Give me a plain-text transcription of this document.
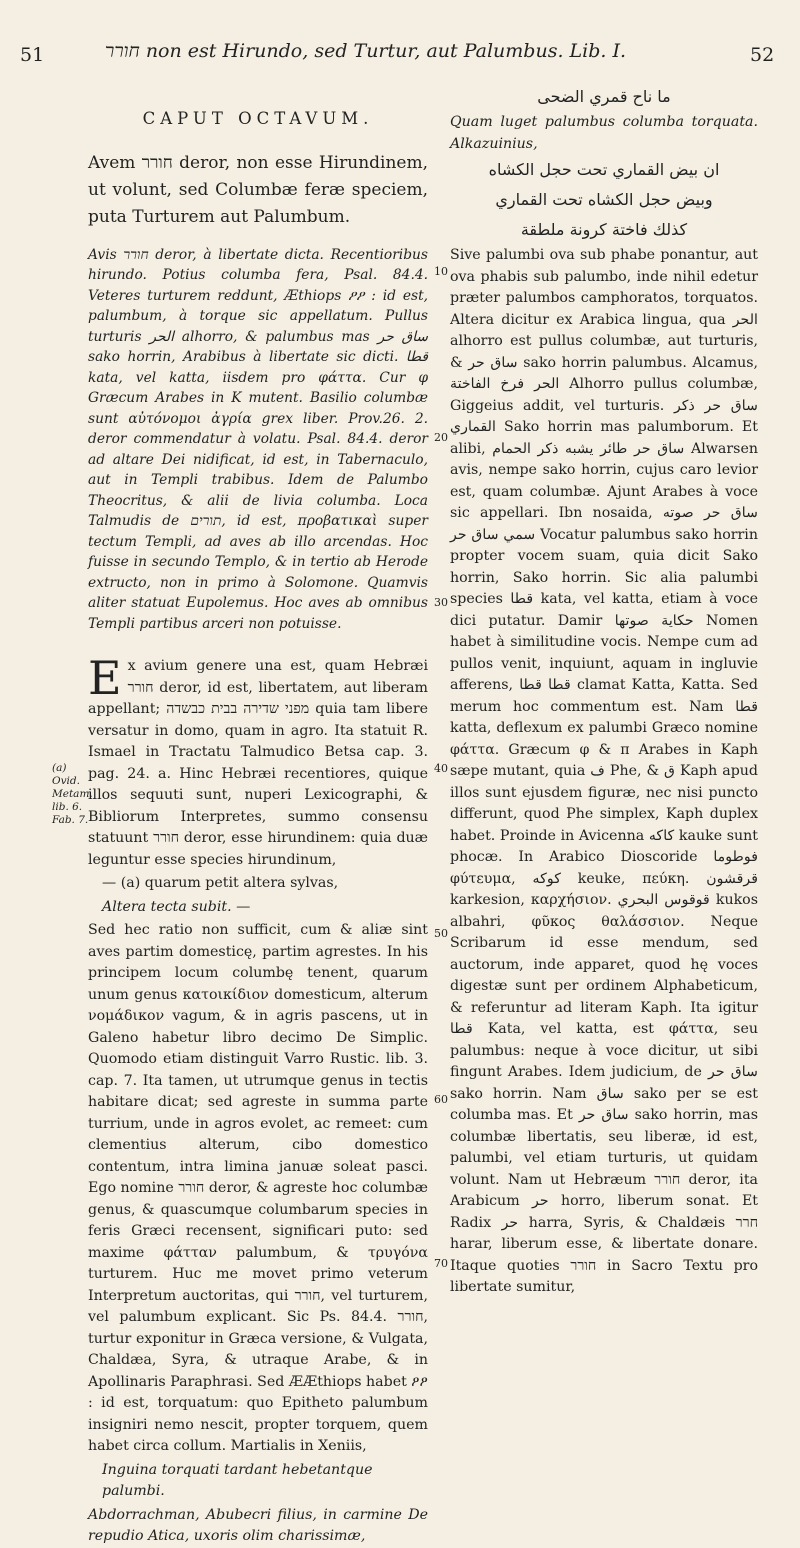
51	חורר non est Hirundo, sed Turtur, aut Palumbus. Lib. I.	52
(a) Ovid. Metam. lib. 6. Fab. 7.
CAPUT OCTAVUM.

Avem חורר deror, non esse Hirundinem, ut volunt, sed Columbæ feræ speciem, puta Turturem aut Palumbum.

Avis חורר deror, à libertate dicta. Recentioribus hirundo. Potius columba fera, Psal. 84.4. Veteres turturem reddunt, Æthiops ዖዖ : id est, palumbum, à torque sic appellatum. Pullus turturis الحر alhorro, & palumbus mas ساق حر sako horrin, Arabibus à libertate sic dicti. قطا kata, vel katta, iisdem pro φάττα. Cur φ Græcum Arabes in K mutent. Basilio columbæ sunt αὐτόνομοι ἀγρία grex liber. Prov.26. 2. deror commendatur à volatu. Psal. 84.4. deror ad altare Dei nidificat, id est, in Tabernaculo, aut in Templi trabibus. Idem de Palumbo Theocritus, & alii de livia columba. Loca Talmudis de תורים, id est, προβατικαὶ super tectum Templi, ad aves ab illo arcendas. Hoc fuisse in secundo Templo, & in tertio ab Herode extructo, non in primo à Solomone. Quamvis aliter statuat Eupolemus. Hoc aves ab omnibus Templi partibus arceri non potuisse.

Ex avium genere una est, quam Hebræi חורר deror, id est, libertatem, aut liberam appellant; מפני שדירה בבית כבשדה quia tam libere versatur in domo, quam in agro. Ita statuit R. Ismael in Tractatu Talmudico Betsa cap. 3. pag. 24. a. Hinc Hebræi recentiores, quique illos sequuti sunt, nuperi Lexicographi, & Bibliorum Interpretes, summo consensu statuunt חורר deror, esse hirundinem: quia duæ leguntur esse species hirundinum,

— (a) quarum petit altera sylvas,

Altera tecta subit. —

Sed hec ratio non sufficit, cum & aliæ sint aves partim domesticę, partim agrestes. In his principem locum columbę tenent, quarum unum genus κατοικίδιον domesticum, alterum νομάδικον vagum, & in agris pascens, ut in Galeno habetur libro decimo De Simplic. Quomodo etiam distinguit Varro Rustic. lib. 3. cap. 7. Ita tamen, ut utrumque genus in tectis habitare dicat; sed agreste in summa parte turrium, unde in agros evolet, ac remeet: cum clementius alterum, cibo domestico contentum, intra limina januæ soleat pasci. Ego nomine חורר deror, & agreste hoc columbæ genus, & quascumque columbarum species in feris Græci recensent, significari puto: sed maxime φάτταν palumbum, & τρυγόνα turturem. Huc me movet primo veterum Interpretum auctoritas, qui חורר, vel turturem, vel palumbum explicant. Sic Ps. 84.4. חורר, turtur exponitur in Græca versione, & Vulgata, Chaldæa, Syra, & utraque Arabe, & in Apollinaris Paraphrasi. Sed ÆÆthiops habet ዖዖ : id est, torquatum: quo Epitheto palumbum insigniri nemo nescit, propter torquem, quem habet circa collum. Martialis in Xeniis,

Inguina torquati tardant hebetantque palumbi.

Abdorrachman, Abubecri filius, in carmine De repudio Atica, uxoris olim charissimæ,

10
20
30
40
50
60
70

ما ناح قمري الضحى

Quam luget palumbus columba torquata. Alkazuinius,

ان بيض القماري تحت حجل الكشاه

وبيض حجل الكشاه تحت القماري

كذلك فاختة كرونة ملطقة

Sive palumbi ova sub phabe ponantur, aut ova phabis sub palumbo, inde nihil edetur præter palumbos camphoratos, torquatos. Altera dicitur ex Arabica lingua, qua الحر alhorro est pullus columbæ, aut turturis, & ساق حر sako horrin palumbus. Alcamus, الحر فرخ الفاختة Alhorro pullus columbæ, Giggeius addit, vel turturis. ساق حر ذكر القماري Sako horrin mas palumborum. Et alibi, ساق حر طائر يشبه ذكر الحمام Alwarsen avis, nempe sako horrin, cujus caro levior est, quam columbæ. Ajunt Arabes à voce sic appellari. Ibn nosaida, ساق حر صوته سمي ساق حر Vocatur palumbus sako horrin propter vocem suam, quia dicit Sako horrin, Sako horrin. Sic alia palumbi species قطا kata, vel katta, etiam à voce dici putatur. Damir حكاية صوتها Nomen habet à similitudine vocis. Nempe cum ad pullos venit, inquiunt, aquam in ingluvie afferens, قطا قطا clamat Katta, Katta. Sed merum hoc commentum est. Nam قطا katta, deflexum ex palumbi Græco nomine φάττα. Græcum φ & π Arabes in Kaph sæpe mutant, quia ف Phe, & ق Kaph apud illos sunt ejusdem figuræ, nec nisi puncto differunt, quod Phe simplex, Kaph duplex habet. Proinde in Avicenna كاكه kauke sunt phocæ. In Arabico Dioscoride فوطوما φύτευμα, كوكه keuke, πεύκη. قرقشون karkesion, καρχήσιον. قوقوس البحري kukos albahri, φῦκος θαλάσσιον. Neque Scribarum id esse mendum, sed auctorum, inde apparet, quod hę voces digestæ sunt per ordinem Alphabeticum, & referuntur ad literam Kaph. Ita igitur قطا Kata, vel katta, est φάττα, seu palumbus: neque à voce dicitur, ut sibi fingunt Arabes. Idem judicium, de ساق حر sako horrin. Nam ساق sako per se est columba mas. Et ساق حر sako horrin, mas columbæ libertatis, seu liberæ, id est, palumbi, vel etiam turturis, ut quidam volunt. Nam ut Hebræum חורר deror, ita Arabicum حر horro, liberum sonat. Et Radix حر harra, Syris, & Chaldæis חרר harar, liberum esse, & libertate donare. Itaque quoties חורר in Sacro Textu pro libertate sumitur,
